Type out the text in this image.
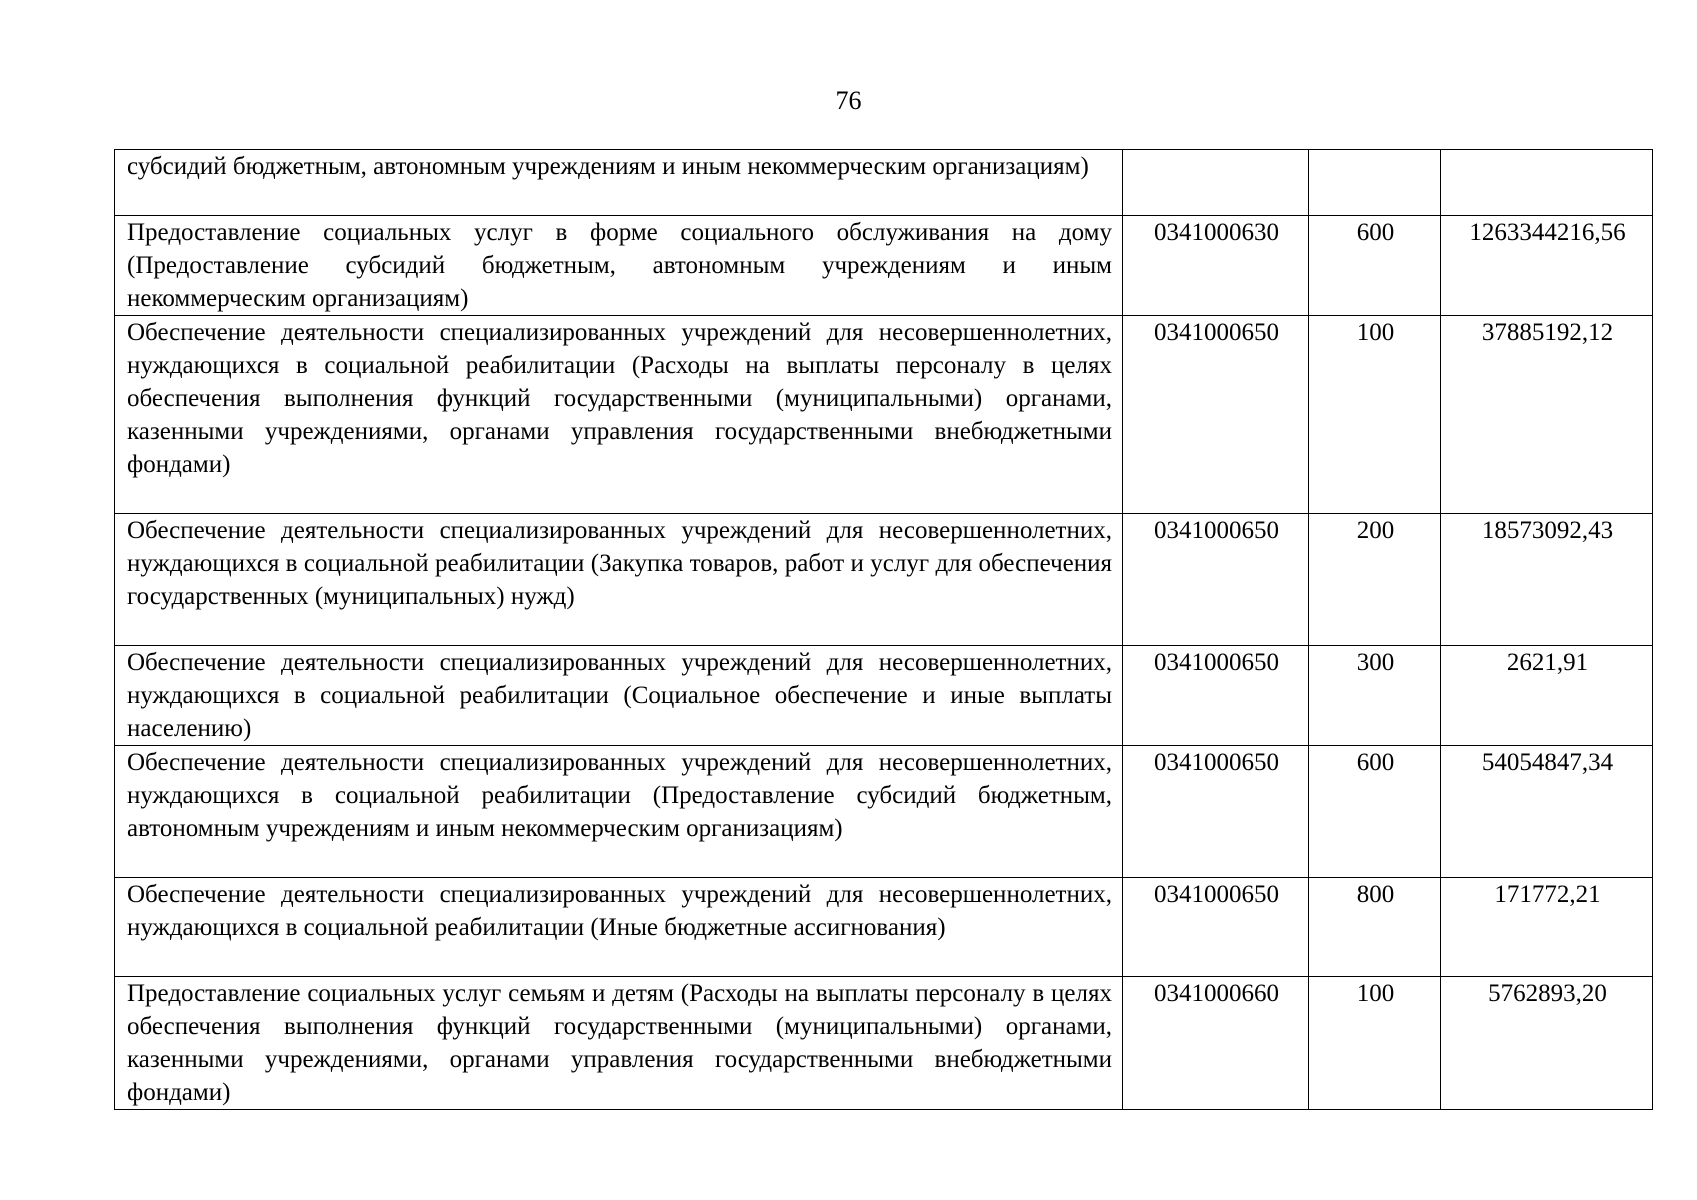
76
субсидий бюджетным, автономным учреждениям и иным некоммерческим организациям)			
Предоставление социальных услуг в форме социального обслуживания на дому (Предоставление субсидий бюджетным, автономным учреждениям и иным некоммерческим организациям)	0341000630	600	1263344216,56
Обеспечение деятельности специализированных учреждений для несовершеннолетних, нуждающихся в социальной реабилитации (Расходы на выплаты персоналу в целях обеспечения выполнения функций государственными (муниципальными) органами, казенными учреждениями, органами управления государственными внебюджетными фондами)	0341000650	100	37885192,12
Обеспечение деятельности специализированных учреждений для несовершеннолетних, нуждающихся в социальной реабилитации (Закупка товаров, работ и услуг для обеспечения государственных (муниципальных) нужд)	0341000650	200	18573092,43
Обеспечение деятельности специализированных учреждений для несовершеннолетних, нуждающихся в социальной реабилитации (Социальное обеспечение и иные выплаты населению)	0341000650	300	2621,91
Обеспечение деятельности специализированных учреждений для несовершеннолетних, нуждающихся в социальной реабилитации (Предоставление субсидий бюджетным, автономным учреждениям и иным некоммерческим организациям)	0341000650	600	54054847,34
Обеспечение деятельности специализированных учреждений для несовершеннолетних, нуждающихся в социальной реабилитации (Иные бюджетные ассигнования)	0341000650	800	171772,21
Предоставление социальных услуг семьям и детям (Расходы на выплаты персоналу в целях обеспечения выполнения функций государственными (муниципальными) органами, казенными учреждениями, органами управления государственными внебюджетными фондами)	0341000660	100	5762893,20
